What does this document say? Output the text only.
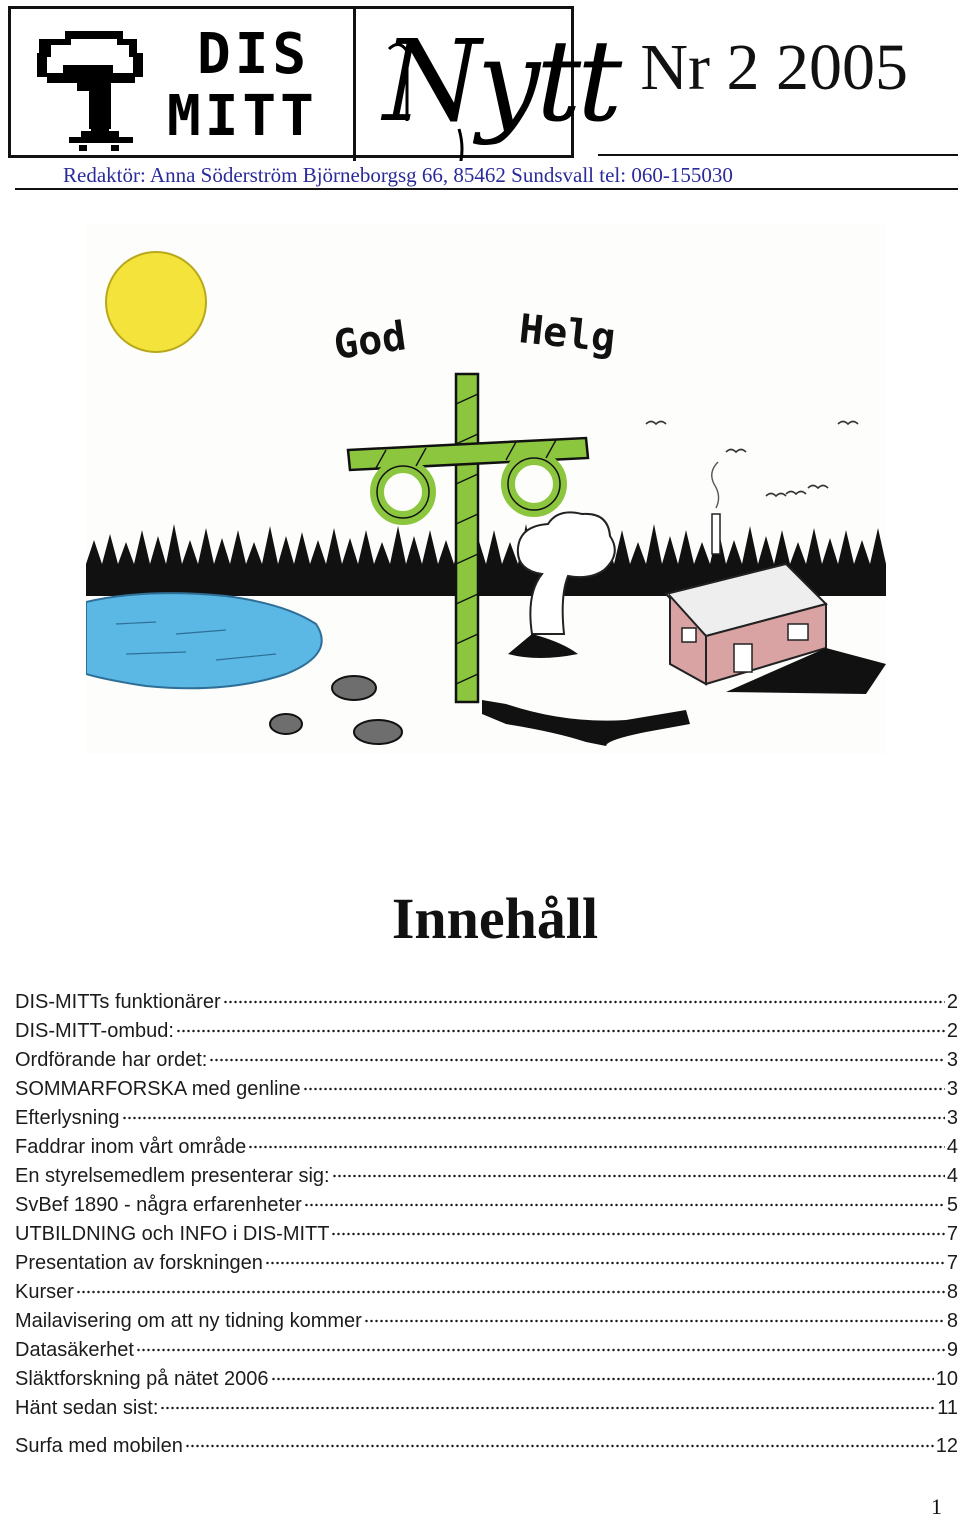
DIS
MITT Nytt Nr 2 2005
Redaktör: Anna Söderström Björneborgsg 66, 85462 Sundsvall tel: 060-155030
God	Helg
Innehåll
DIS-MITTs funktionärer	2
DIS-MITT-ombud:	2
Ordförande har ordet:	3
SOMMARFORSKA med genline	3
Efterlysning	3
Faddrar inom vårt område	4
En styrelsemedlem presenterar sig:	4
SvBef 1890 - några erfarenheter	5
UTBILDNING och INFO i DIS-MITT	7
Presentation av forskningen	7
Kurser	8
Mailavisering om att ny tidning kommer	8
Datasäkerhet	9
Släktforskning på nätet 2006	10
Hänt sedan sist:	11
Surfa med mobilen	12
1
